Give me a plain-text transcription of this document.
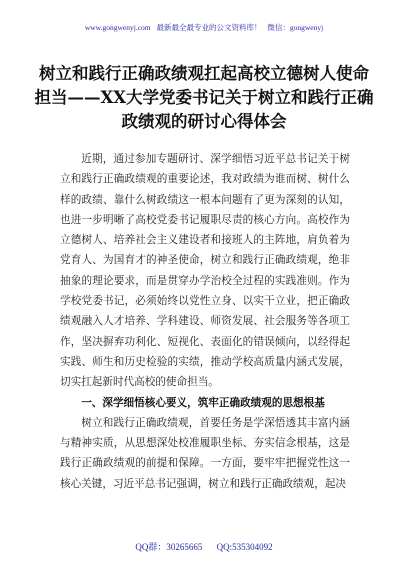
www.gongwenyj.com 最新最全最专业的公文资料库！ 微信：gongwenyj
树立和践行正确政绩观扛起高校立德树人使命担当——XX大学党委书记关于树立和践行正确政绩观的研讨心得体会

近期，通过参加专题研讨、深学细悟习近平总书记关于树立和践行正确政绩观的重要论述，我对政绩为谁而树、树什么样的政绩、靠什么树政绩这一根本问题有了更为深刻的认知，也进一步明晰了高校党委书记履职尽责的核心方向。高校作为立德树人、培养社会主义建设者和接班人的主阵地，肩负着为党育人、为国育才的神圣使命，树立和践行正确政绩观，绝非抽象的理论要求，而是贯穿办学治校全过程的实践准则。作为学校党委书记，必须始终以党性立身、以实干立业，把正确政绩观融入人才培养、学科建设、师资发展、社会服务等各项工作，坚决摒弃功利化、短视化、表面化的错误倾向，以经得起实践、师生和历史检验的实绩，推动学校高质量内涵式发展，切实扛起新时代高校的使命担当。

一、深学细悟核心要义，筑牢正确政绩观的思想根基

树立和践行正确政绩观，首要任务是学深悟透其丰富内涵与精神实质，从思想深处校准履职坐标、夯实信念根基，这是践行正确政绩观的前提和保障。一方面，要牢牢把握党性这一核心关键，习近平总书记强调，树立和践行正确政绩观，起决

QQ群：30265665 QQ:535304092
